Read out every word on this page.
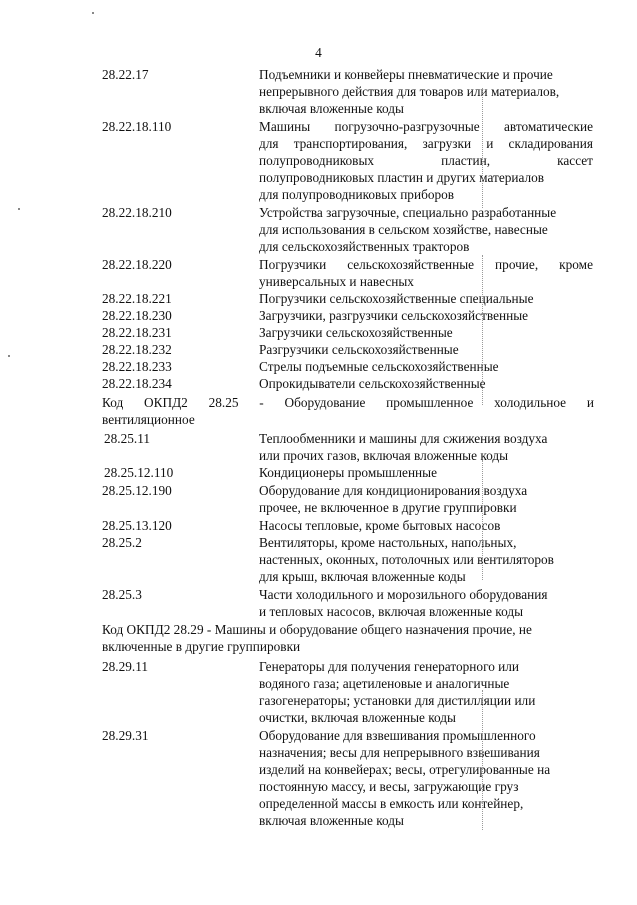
4
28.22.17	Подъемники и конвейеры пневматические и прочие
непрерывного действия для товаров или материалов,
включая вложенные коды
28.22.18.110	Машины погрузочно-разгрузочные автоматические
для транспортирования, загрузки и складирования
полупроводниковых пластин, кассет
полупроводниковых пластин и других материалов
для полупроводниковых приборов
28.22.18.210	Устройства загрузочные, специально разработанные
для использования в сельском хозяйстве, навесные
для сельскохозяйственных тракторов
28.22.18.220	Погрузчики сельскохозяйственные прочие, кроме
универсальных и навесных
28.22.18.221	Погрузчики сельскохозяйственные специальные
28.22.18.230	Загрузчики, разгрузчики сельскохозяйственные
28.22.18.231	Загрузчики сельскохозяйственные
28.22.18.232	Разгрузчики сельскохозяйственные
28.22.18.233	Стрелы подъемные сельскохозяйственные
28.22.18.234	Опрокидыватели сельскохозяйственные
Код ОКПД2 28.25 - Оборудование промышленное холодильное и
вентиляционное
28.25.11	Теплообменники и машины для сжижения воздуха
или прочих газов, включая вложенные коды
28.25.12.110	Кондиционеры промышленные
28.25.12.190	Оборудование для кондиционирования воздуха
прочее, не включенное в другие группировки
28.25.13.120	Насосы тепловые, кроме бытовых насосов
28.25.2	Вентиляторы, кроме настольных, напольных,
настенных, оконных, потолочных или вентиляторов
для крыш, включая вложенные коды
28.25.3	Части холодильного и морозильного оборудования
и тепловых насосов, включая вложенные коды
Код ОКПД2 28.29 - Машины и оборудование общего назначения прочие, не
включенные в другие группировки
28.29.11	Генераторы для получения генераторного или
водяного газа; ацетиленовые и аналогичные
газогенераторы; установки для дистилляции или
очистки, включая вложенные коды
28.29.31	Оборудование для взвешивания промышленного
назначения; весы для непрерывного взвешивания
изделий на конвейерах; весы, отрегулированные на
постоянную массу, и весы, загружающие груз
определенной массы в емкость или контейнер,
включая вложенные коды
